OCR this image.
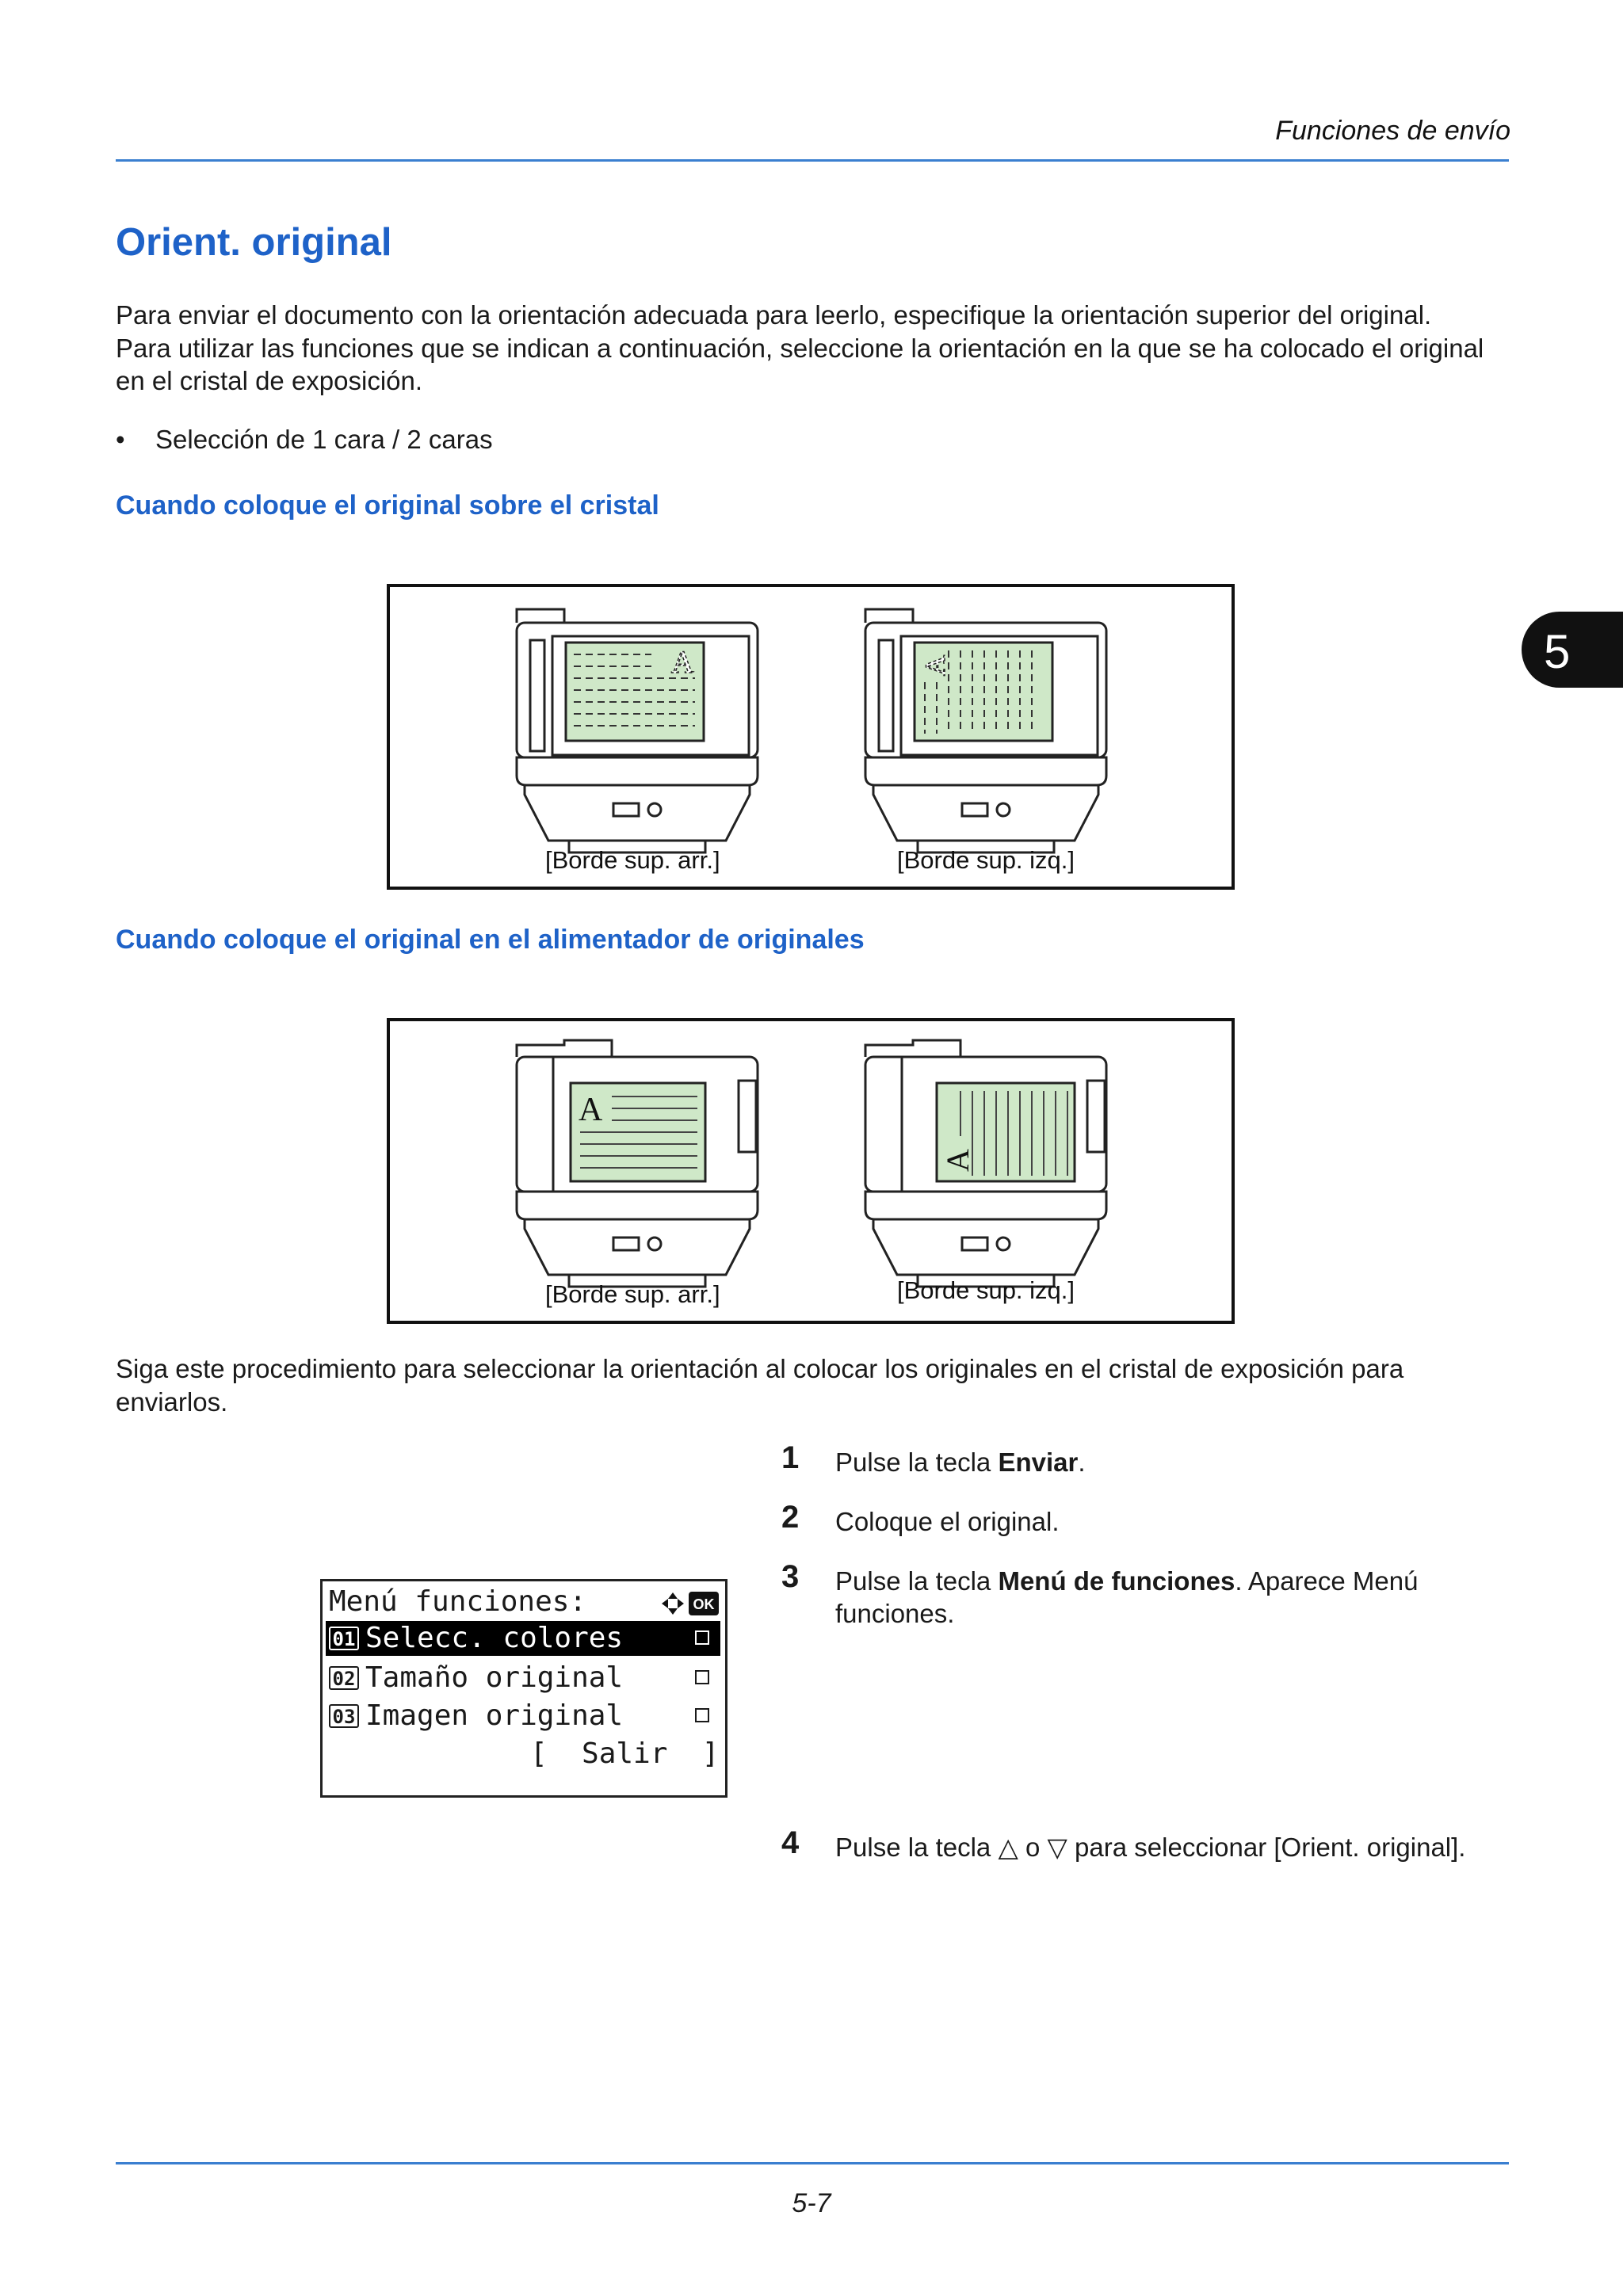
Funciones de envío
5
Orient. original
Para enviar el documento con la orientación adecuada para leerlo, especifique la orientación superior del original.
Para utilizar las funciones que se indican a continuación, seleccione la orientación en la que se ha colocado el original
en el cristal de exposición.
• Selección de 1 cara / 2 caras
Cuando coloque el original sobre el cristal
A	A
[Borde sup. arr.]	[Borde sup. izq.]
Cuando coloque el original en el alimentador de originales
A
A
[Borde sup. arr.]	[Borde sup. izq.]
Siga este procedimiento para seleccionar la orientación al colocar los originales en el cristal de exposición para
enviarlos.
1 Pulse la tecla Enviar.
2 Coloque el original.
3 Pulse la tecla Menú de funciones. Aparece Menú
funciones.
4 Pulse la tecla △ o ▽ para seleccionar [Orient. original].
Menú funciones:	OK
01 Selecc. colores
02 Tamaño original
03 Imagen original
[  Salir  ]
5-7
